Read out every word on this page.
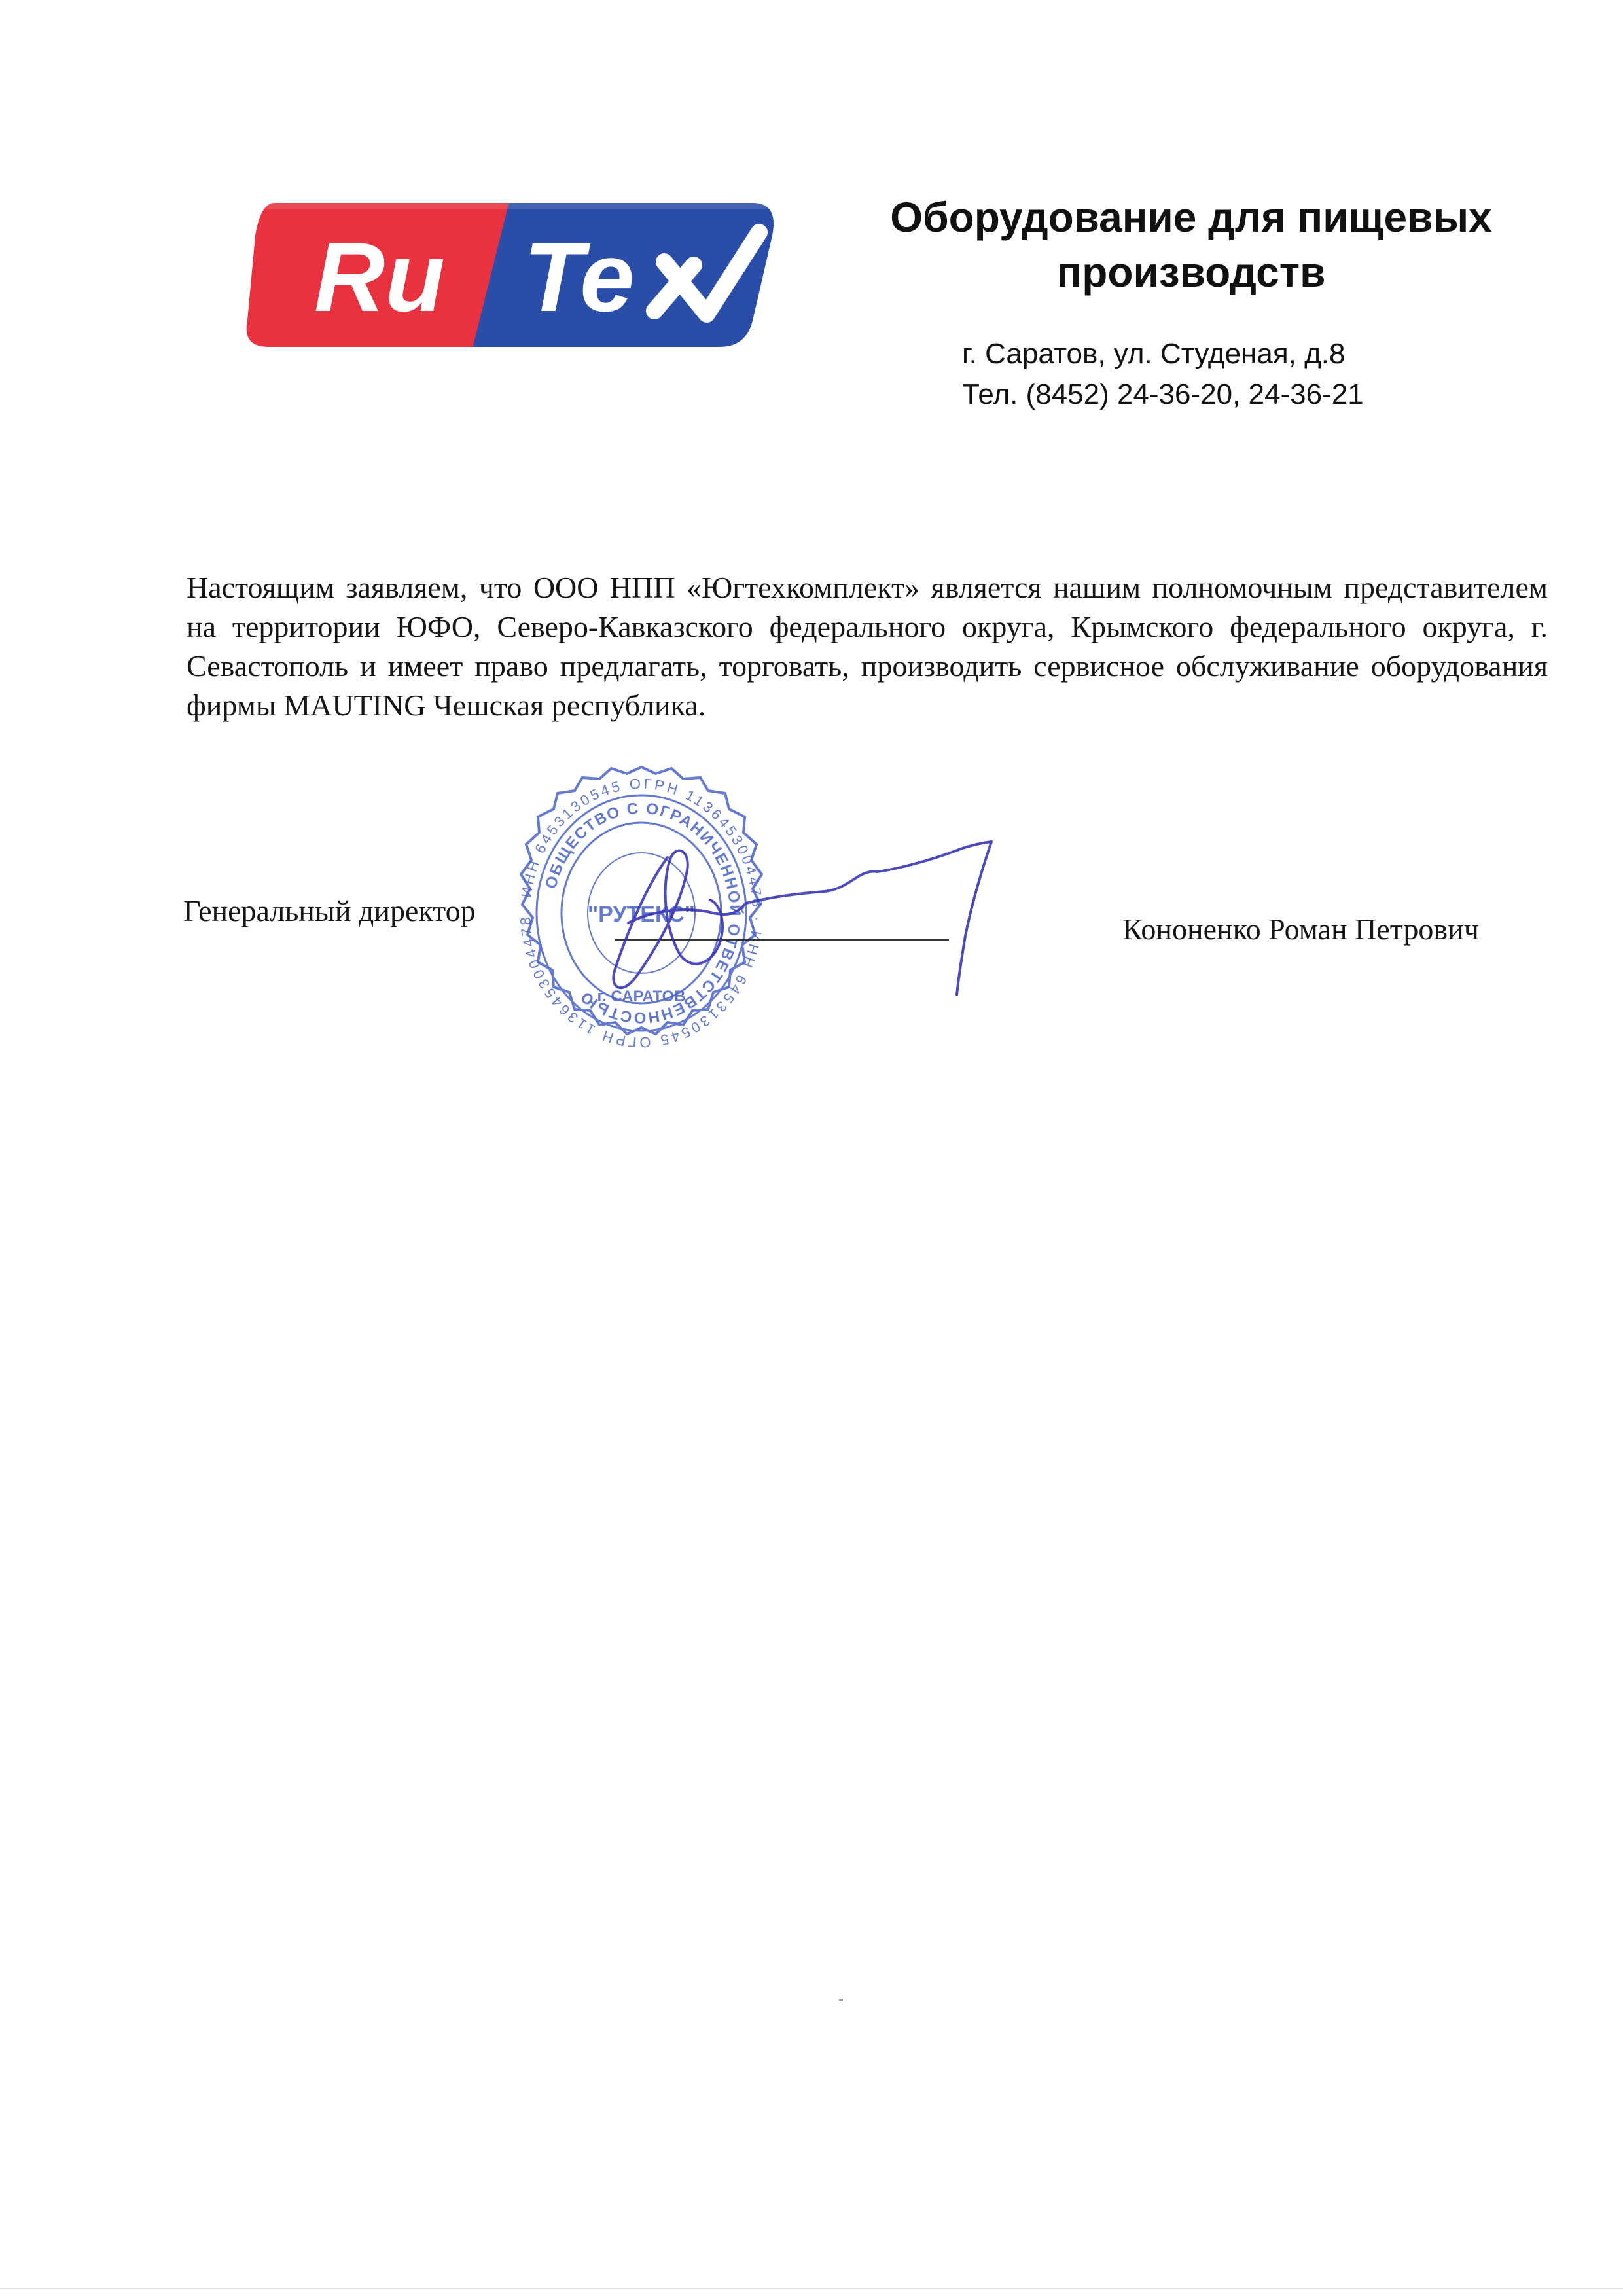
Ru Te
Оборудование для пищевых
производств
г. Саратов, ул. Студеная, д.8
Тел. (8452) 24-36-20, 24-36-21
Настоящим заявляем, что ООО НПП «Югтехкомплект» является нашим полномочным представителем на территории ЮФО, Северо-Кавказского федерального округа, Крымского федерального округа, г. Севастополь и имеет право предлагать, торговать, производить сервисное обслуживание оборудования фирмы MAUTING Чешская республика.
ИНН 6453130545 ОГРН 1136453004478 · ИНН 6453130545 ОГРН 1136453004478
ОБЩЕСТВО С ОГРАНИЧЕННОЙ ОТВЕТСТВЕННОСТЬЮ
"РУТЕКС"
г. САРАТОВ
Генеральный директор
Кононенко Роман Петрович
